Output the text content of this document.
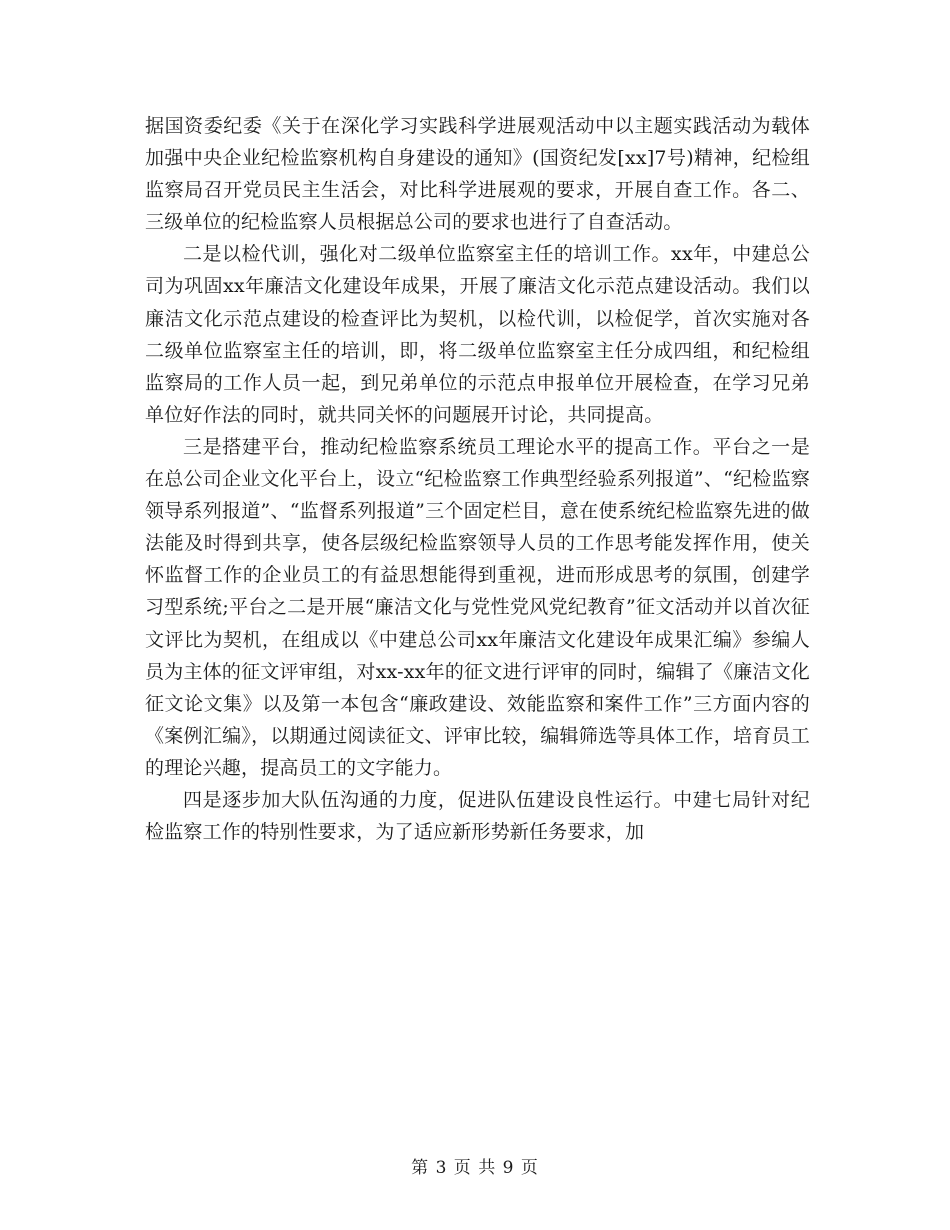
据国资委纪委《关于在深化学习实践科学进展观活动中以主题实践活动为载体加强中央企业纪检监察机构自身建设的通知》(国资纪发[xx]7号)精神，纪检组监察局召开党员民主生活会，对比科学进展观的要求，开展自查工作。各二、三级单位的纪检监察人员根据总公司的要求也进行了自查活动。

二是以检代训，强化对二级单位监察室主任的培训工作。xx年，中建总公司为巩固xx年廉洁文化建设年成果，开展了廉洁文化示范点建设活动。我们以廉洁文化示范点建设的检查评比为契机，以检代训，以检促学，首次实施对各二级单位监察室主任的培训，即，将二级单位监察室主任分成四组，和纪检组监察局的工作人员一起，到兄弟单位的示范点申报单位开展检查，在学习兄弟单位好作法的同时，就共同关怀的问题展开讨论，共同提高。

三是搭建平台，推动纪检监察系统员工理论水平的提高工作。平台之一是在总公司企业文化平台上，设立“纪检监察工作典型经验系列报道”、“纪检监察领导系列报道”、“监督系列报道”三个固定栏目，意在使系统纪检监察先进的做法能及时得到共享，使各层级纪检监察领导人员的工作思考能发挥作用，使关怀监督工作的企业员工的有益思想能得到重视，进而形成思考的氛围，创建学习型系统;平台之二是开展“廉洁文化与党性党风党纪教育”征文活动并以首次征文评比为契机，在组成以《中建总公司xx年廉洁文化建设年成果汇编》参编人员为主体的征文评审组，对xx-xx年的征文进行评审的同时，编辑了《廉洁文化征文论文集》以及第一本包含“廉政建设、效能监察和案件工作”三方面内容的《案例汇编》，以期通过阅读征文、评审比较，编辑筛选等具体工作，培育员工的理论兴趣，提高员工的文字能力。

四是逐步加大队伍沟通的力度，促进队伍建设良性运行。中建七局针对纪检监察工作的特别性要求，为了适应新形势新任务要求，加

第 3 页 共 9 页
